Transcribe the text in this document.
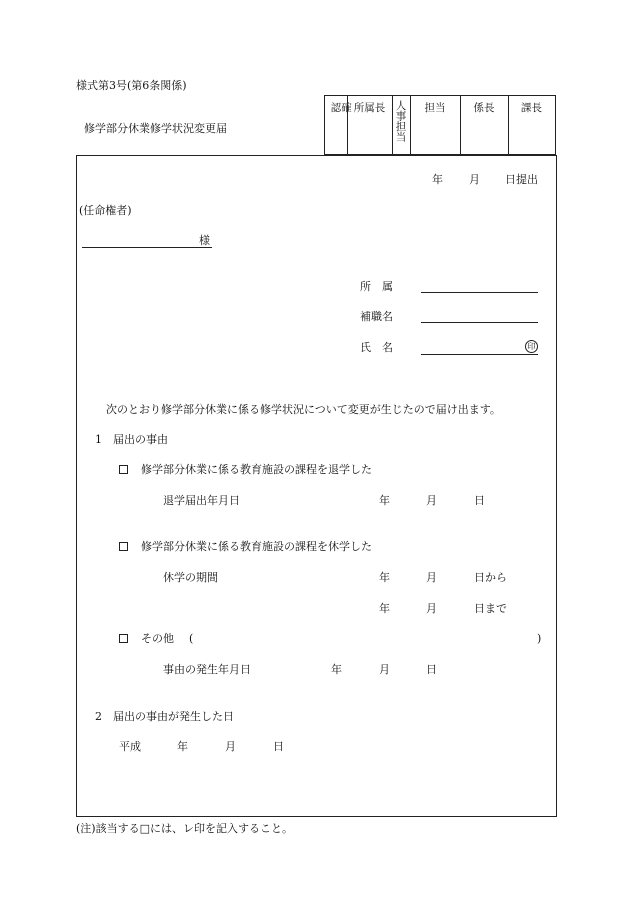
様式第3号(第6条関係)
修学部分休業修学状況変更届	確認	所属長 人事担当	担当	係長	課長
年 月 日提出
(任命権者)
様
所　属
補職名
氏　名	印
次のとおり修学部分休業に係る修学状況について変更が生じたので届け出ます。
1　届出の事由
修学部分休業に係る教育施設の課程を退学した
退学届出年月日	年	月	日
修学部分休業に係る教育施設の課程を休学した
休学の期間	年	月	日から
年	月	日まで
その他 (	)
事由の発生年月日	年	月	日
2　届出の事由が発生した日
平成	年	月	日
(注)該当する□には、レ印を記入すること。
